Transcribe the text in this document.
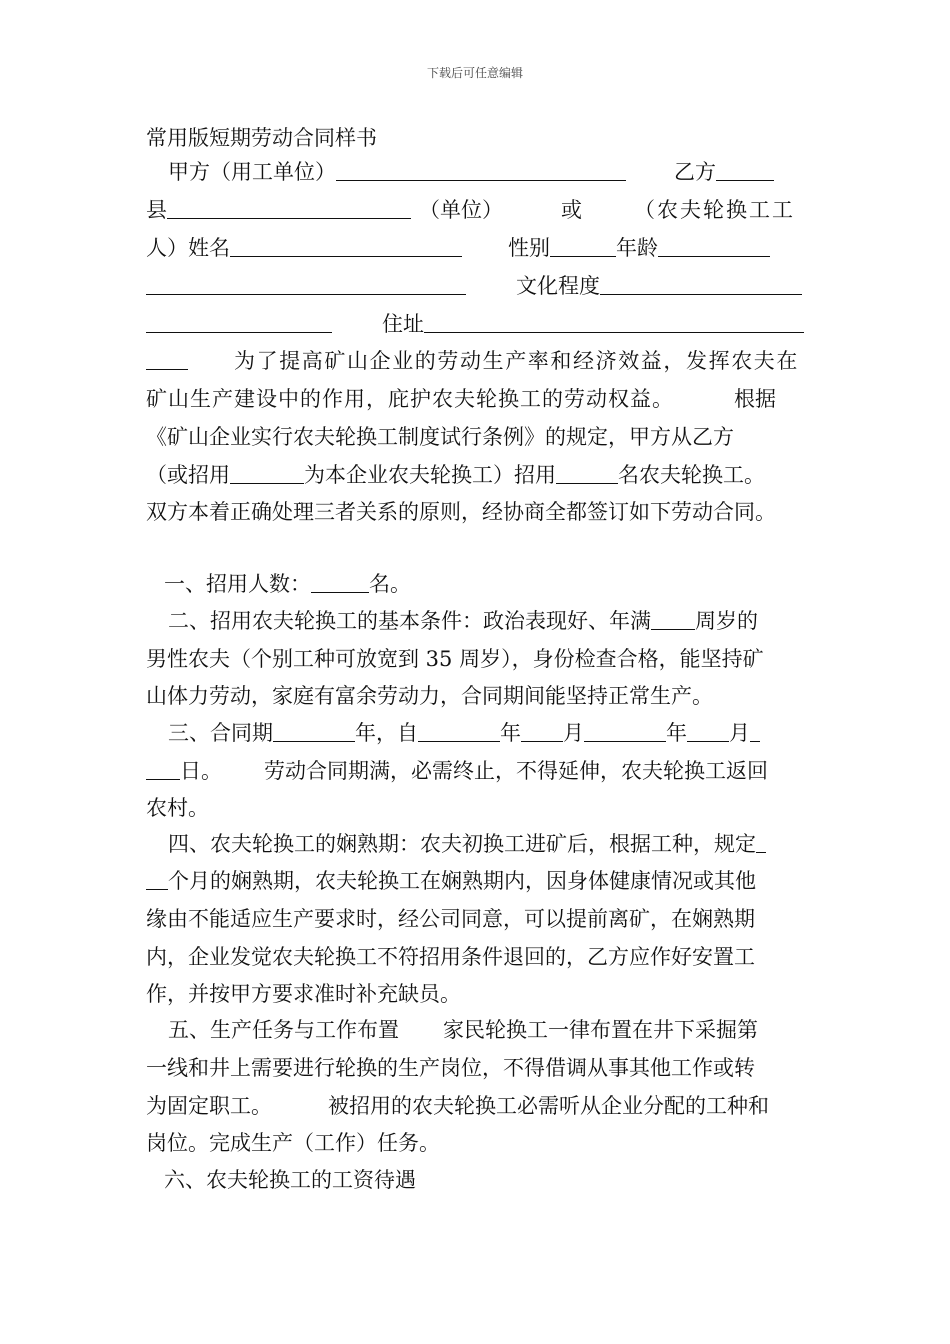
下载后可任意编辑
常用版短期劳动合同样书
甲方（用工单位）	乙方
县	（单位）	或 （农夫轮换工工
人）姓名	性别	年龄
文化程度
住址
为了提高矿山企业的劳动生产率和经济效益，发挥农夫在
矿山生产建设中的作用，庇护农夫轮换工的劳动权益。	根据
《矿山企业实行农夫轮换工制度试行条例》的规定，甲方从乙方
（或招用	为本企业农夫轮换工）招用	名农夫轮换工。
双方本着正确处理三者关系的原则，经协商全都签订如下劳动合同。
一、招用人数：	名。
二、招用农夫轮换工的基本条件：政治表现好、年满 周岁的
男性农夫（个别工种可放宽到 35 周岁），身份检查合格，能坚持矿
山体力劳动，家庭有富余劳动力，合同期间能坚持正常生产。
三、合同期	年，自	年 月	年 月
日。 劳动合同期满，必需终止，不得延伸，农夫轮换工返回
农村。
四、农夫轮换工的娴熟期：农夫初换工进矿后，根据工种，规定
个月的娴熟期，农夫轮换工在娴熟期内，因身体健康情况或其他
缘由不能适应生产要求时，经公司同意，可以提前离矿，在娴熟期
内，企业发觉农夫轮换工不符招用条件退回的，乙方应作好安置工
作，并按甲方要求准时补充缺员。
五、生产任务与工作布置 家民轮换工一律布置在井下采掘第
一线和井上需要进行轮换的生产岗位，不得借调从事其他工作或转
为固定职工。	被招用的农夫轮换工必需听从企业分配的工种和
岗位。完成生产（工作）任务。
六、农夫轮换工的工资待遇
